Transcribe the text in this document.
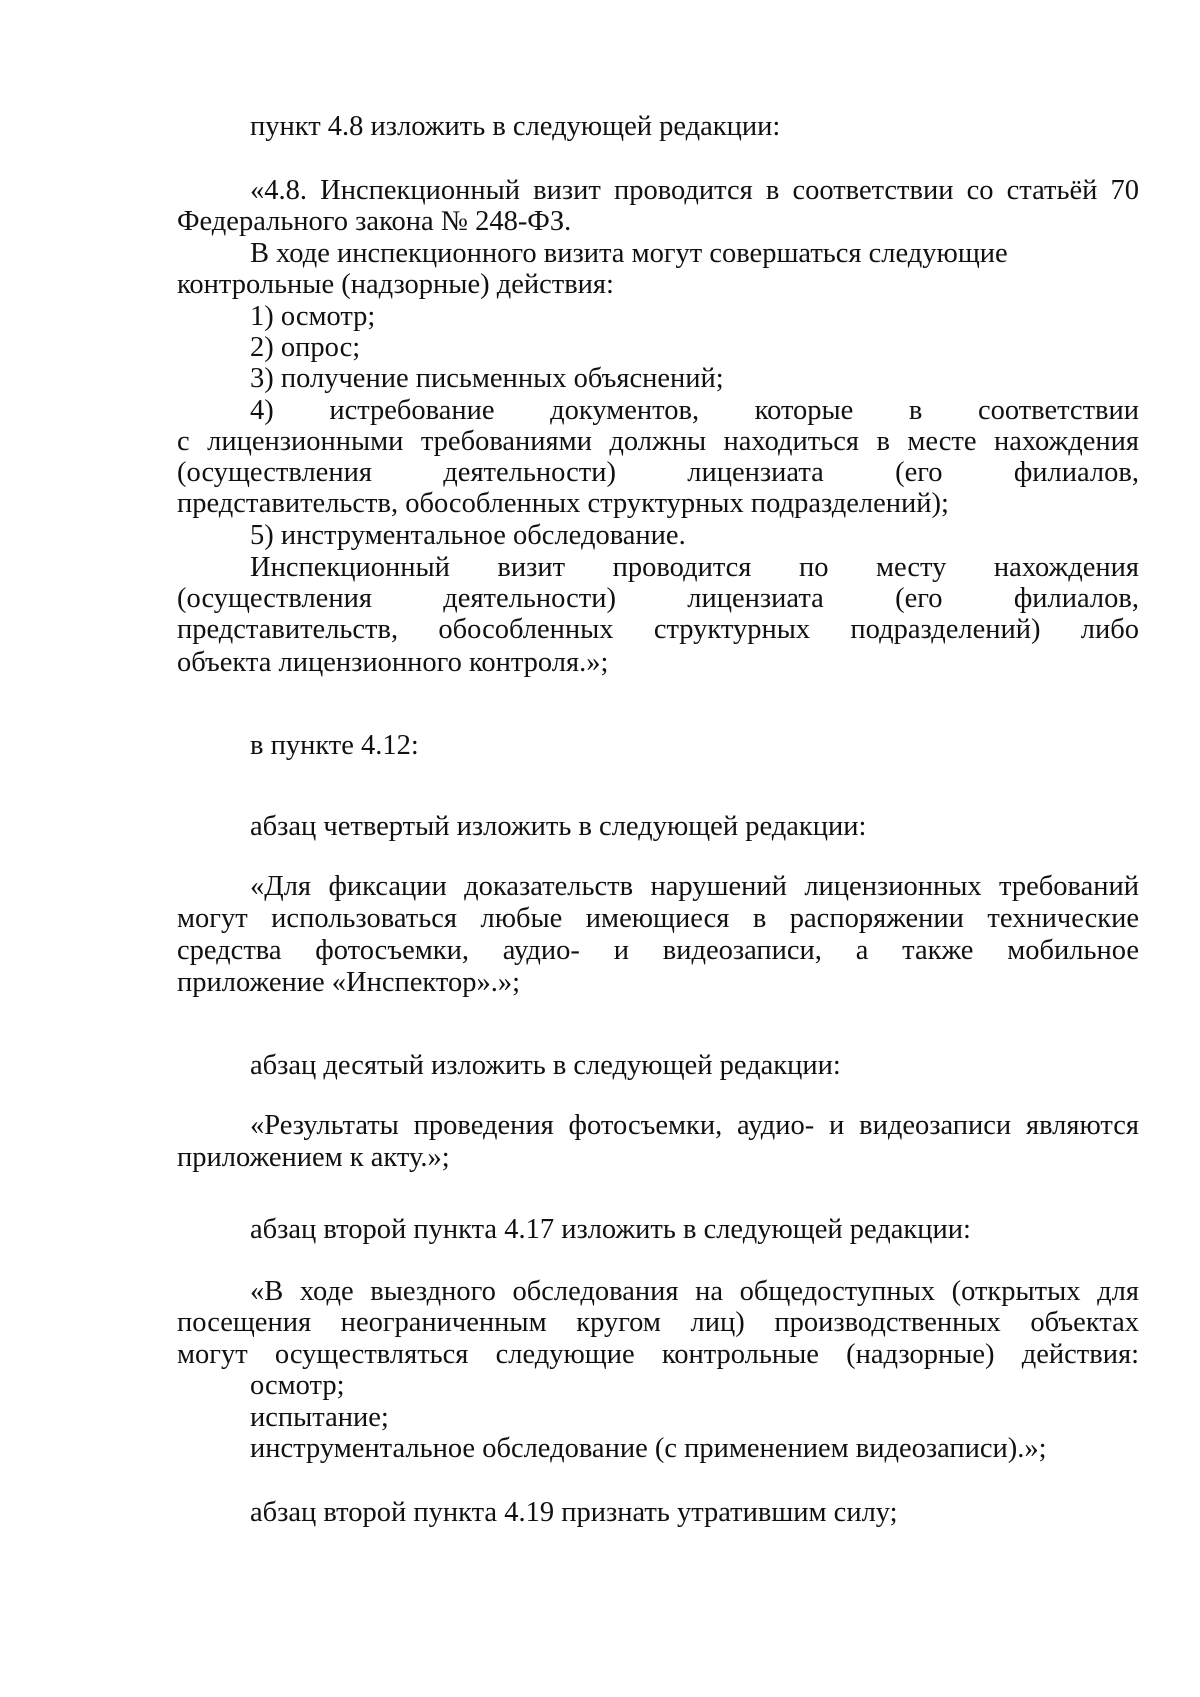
пункт 4.8 изложить в следующей редакции:
«4.8. Инспекционный визит проводится в соответствии со статьёй 70
Федерального закона № 248-ФЗ.
В ходе инспекционного визита могут совершаться следующие
контрольные (надзорные) действия:
1) осмотр;
2) опрос;
3) получение письменных объяснений;
4) истребование документов, которые в соответствии
с лицензионными требованиями должны находиться в месте нахождения
(осуществления деятельности) лицензиата (его филиалов,
представительств, обособленных структурных подразделений);
5) инструментальное обследование.
Инспекционный визит проводится по месту нахождения
(осуществления деятельности) лицензиата (его филиалов,
представительств, обособленных структурных подразделений) либо
объекта лицензионного контроля.»;
в пункте 4.12:
абзац четвертый изложить в следующей редакции:
«Для фиксации доказательств нарушений лицензионных требований
могут использоваться любые имеющиеся в распоряжении технические
средства фотосъемки, аудио- и видеозаписи, а также мобильное
приложение «Инспектор».»;
абзац десятый изложить в следующей редакции:
«Результаты проведения фотосъемки, аудио- и видеозаписи являются
приложением к акту.»;
абзац второй пункта 4.17 изложить в следующей редакции:
«В ходе выездного обследования на общедоступных (открытых для
посещения неограниченным кругом лиц) производственных объектах
могут осуществляться следующие контрольные (надзорные) действия:
осмотр;
испытание;
инструментальное обследование (с применением видеозаписи).»;
абзац второй пункта 4.19 признать утратившим силу;
